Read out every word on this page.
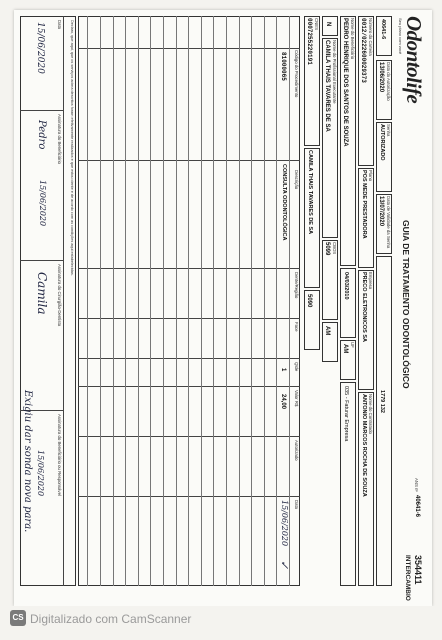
Odontolife
Seu plano com você
GUIA DE TRATAMENTO ODONTOLÓGICO
ANS nº
40641-6
354411
INTERCAMBIO
40641-6
Data da Autorização
13/06/2020
Senha
AUTORIZADO
Data de Validade da Senha
13/07/2020
1779 132
Número da Carteira
0012/0222600029373
Plano
POS MEDE PRESTADORA
Empresa
PRECO ELETRONICOS SA
Nome do Contratado
ANTONIO MARCOS ROCHA DE SOUZA
Nome do Beneficiário
PEDRO HENRIQUE DOS SANTOS DE SOUZA
04/03/2010
UF
AM
035 - Faturar Empresa
N
Nome do Profissional Executante
CAMILA THAIS TAVARES DE SA
CBOS
5099
AM
CNES
0007255220191
CAMILA THAIS TAVARES DE SA
5090
Código do Procedimento
Descrição
Dente/Região
Face
Qtde
Valor R$
Autorizado
Data
81000065
CONSULTA ODONTOLÓGICA
1
24,00
15/06/2020
✓
Declaro, que aqui, que os serviços acima descritos foram efetivamente realizados e que estou ciente e de acordo com as condições aqui estabelecidas.
Data
15/06/2020
Assinatura do Beneficiário
Pedro
15/06/2020
Assinatura do Cirurgião-Dentista
Camila
Assinatura do Beneficiário ou Responsável
15/06/2020
Exigiu dar sonda nova para.
CS Digitalizado com CamScanner
